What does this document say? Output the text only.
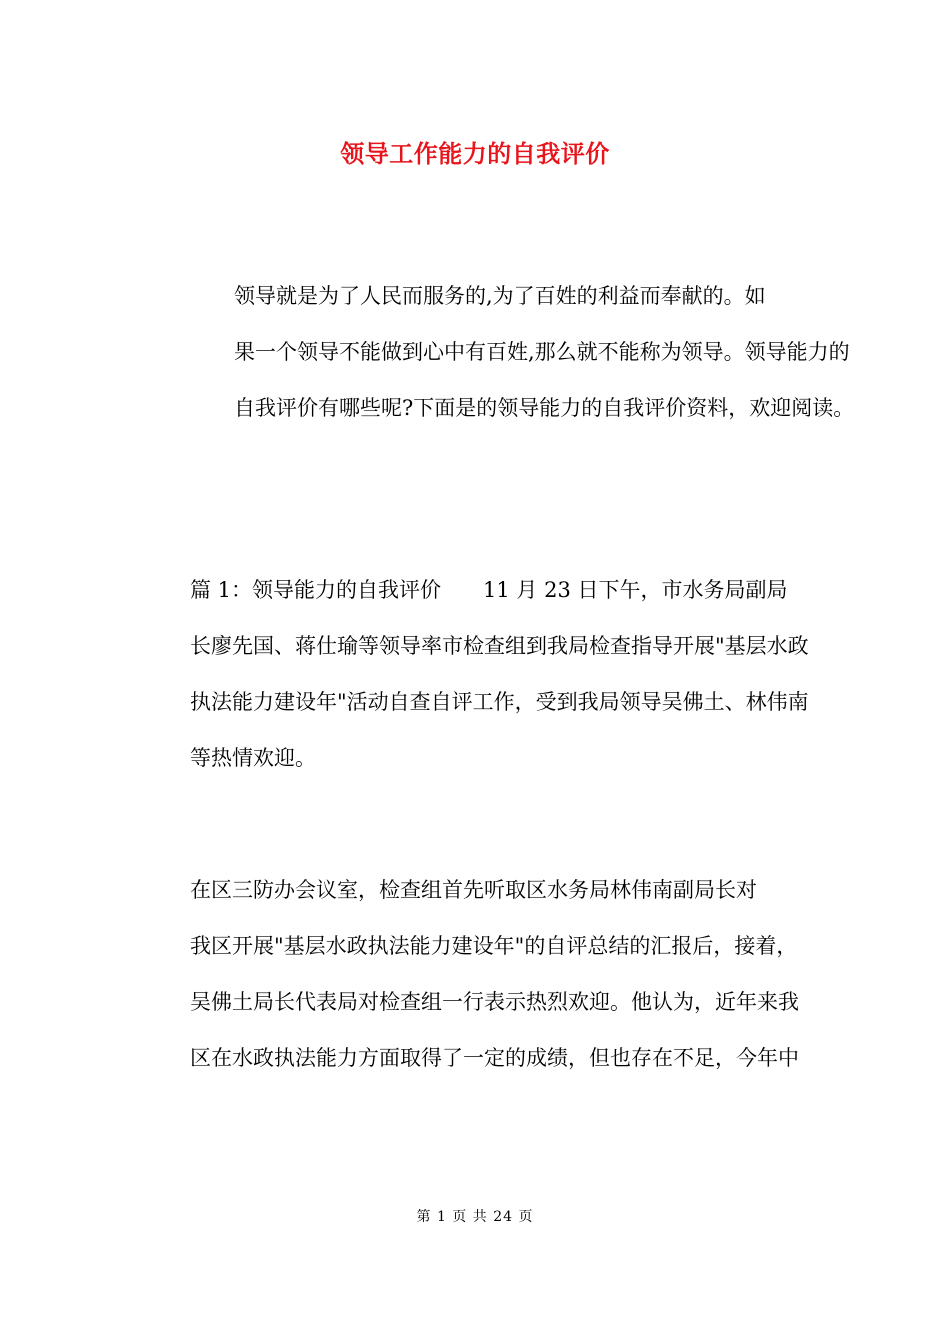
领导工作能力的自我评价

领导就是为了人民而服务的,为了百姓的利益而奉献的。如
果一个领导不能做到心中有百姓,那么就不能称为领导。领导能力的
自我评价有哪些呢?下面是的领导能力的自我评价资料，欢迎阅读。

篇 1：领导能力的自我评价　　11 月 23 日下午，市水务局副局
长廖先国、蒋仕瑜等领导率市检查组到我局检查指导开展"基层水政
执法能力建设年"活动自查自评工作，受到我局领导吴佛土、林伟南
等热情欢迎。

在区三防办会议室，检查组首先听取区水务局林伟南副局长对
我区开展"基层水政执法能力建设年"的自评总结的汇报后，接着，
吴佛土局长代表局对检查组一行表示热烈欢迎。他认为，近年来我
区在水政执法能力方面取得了一定的成绩，但也存在不足，今年中

第 1 页 共 24 页
